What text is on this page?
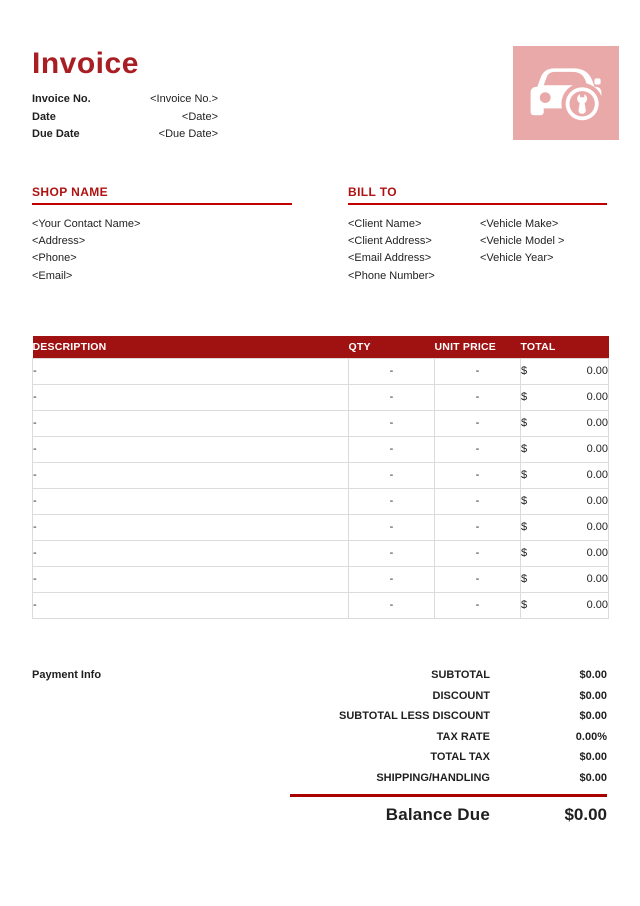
Invoice
Invoice No.	<Invoice No.>
Date	<Date>
Due Date	<Due Date>
SHOP NAME
<Your Contact Name>
<Address>
<Phone>
<Email>
BILL TO
<Client Name>
<Client Address>
<Email Address>
<Phone Number>
<Vehicle Make>
<Vehicle Model >
<Vehicle Year>
DESCRIPTION	QTY	UNIT PRICE	TOTAL
-	-	-	$ 0.00

-	-	-	$ 0.00

-	-	-	$ 0.00

-	-	-	$ 0.00

-	-	-	$ 0.00

-	-	-	$ 0.00

-	-	-	$ 0.00

-	-	-	$ 0.00

-	-	-	$ 0.00

-	-	-	$ 0.00
Payment Info	SUBTOTAL	$0.00
DISCOUNT	$0.00
SUBTOTAL LESS DISCOUNT	$0.00
TAX RATE	0.00%
TOTAL TAX	$0.00
SHIPPING/HANDLING	$0.00
Balance Due	$0.00
